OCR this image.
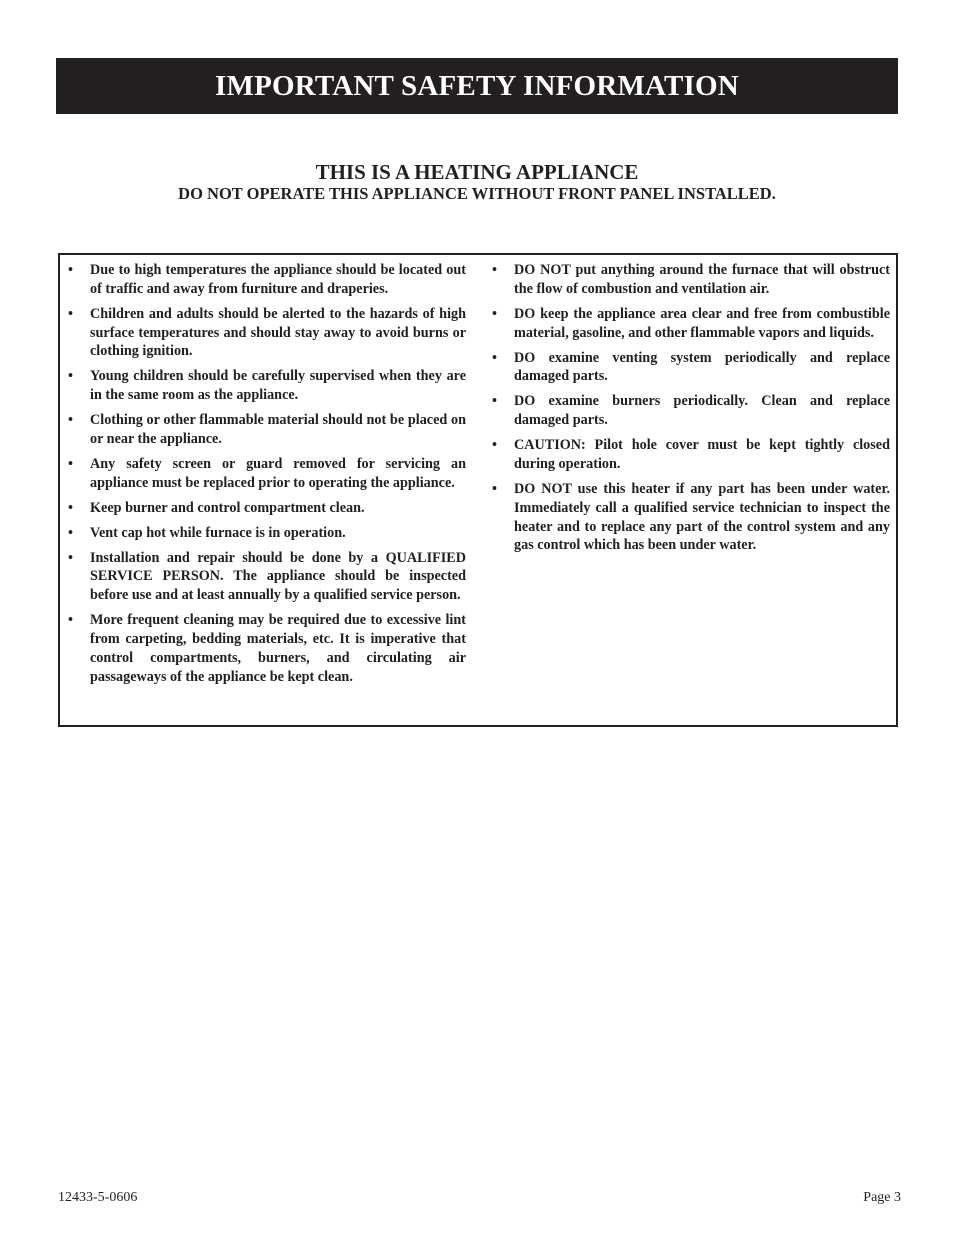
IMPORTANT SAFETY INFORMATION
THIS IS A HEATING APPLIANCE
DO NOT OPERATE THIS APPLIANCE WITHOUT FRONT PANEL INSTALLED.
• Due to high temperatures the appliance should be located out of traffic and away from furniture and draperies.
• Children and adults should be alerted to the hazards of high surface temperatures and should stay away to avoid burns or clothing ignition.
• Young children should be carefully supervised when they are in the same room as the appliance.
• Clothing or other flammable material should not be placed on or near the appliance.
• Any safety screen or guard removed for servicing an appliance must be replaced prior to operating the appliance.
• Keep burner and control compartment clean.
• Vent cap hot while furnace is in operation.
• Installation and repair should be done by a QUALIFIED SERVICE PERSON. The appliance should be inspected before use and at least annually by a qualified service person.
• More frequent cleaning may be required due to excessive lint from carpeting, bedding materials, etc. It is imperative that control compartments, burners, and circulating air passageways of the appliance be kept clean.
• DO NOT put anything around the furnace that will obstruct the flow of combustion and ventilation air.
• DO keep the appliance area clear and free from combustible material, gasoline, and other flammable vapors and liquids.
• DO examine venting system periodically and replace damaged parts.
• DO examine burners periodically. Clean and replace damaged parts.
• CAUTION: Pilot hole cover must be kept tightly closed during operation.
• DO NOT use this heater if any part has been under water. Immediately call a qualified service technician to inspect the heater and to replace any part of the control system and any gas control which has been under water.
12433-5-0606	Page 3
